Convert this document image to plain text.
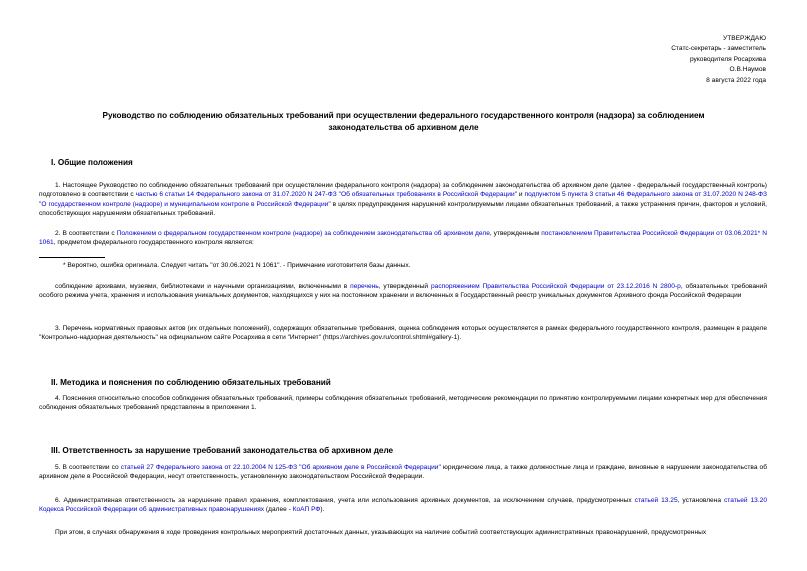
УТВЕРЖДАЮ
Статс-секретарь - заместитель
руководителя Росархива
О.В.Наумов
8 августа 2022 года
Руководство по соблюдению обязательных требований при осуществлении федерального государственного контроля (надзора) за соблюдением законодательства об архивном деле
I. Общие положения
1. Настоящее Руководство по соблюдению обязательных требований при осуществлении федерального контроля (надзора) за соблюдением законодательства об архивном деле (далее - федеральный государственный контроль) подготовлено в соответствии с частью 6 статьи 14 Федерального закона от 31.07.2020 N 247-ФЗ "Об обязательных требованиях в Российской Федерации" и подпунктом 5 пункта 3 статьи 46 Федерального закона от 31.07.2020 N 248-ФЗ "О государственном контроле (надзоре) и муниципальном контроле в Российской Федерации" в целях предупреждения нарушений контролируемыми лицами обязательных требований, а также устранения причин, факторов и условий, способствующих нарушениям обязательных требований.
2. В соответствии с Положением о федеральном государственном контроле (надзоре) за соблюдением законодательства об архивном деле, утвержденным постановлением Правительства Российской Федерации от 03.06.2021* N 1061, предметом федерального государственного контроля является:
* Вероятно, ошибка оригинала. Следует читать "от 30.06.2021 N 1061". - Примечание изготовителя базы данных.
соблюдение архивами, музеями, библиотеками и научными организациями, включенными в перечень, утвержденный распоряжением Правительства Российской Федерации от 23.12.2016 N 2800-р, обязательных требований особого режима учета, хранения и использования уникальных документов, находящихся у них на постоянном хранении и включенных в Государственный реестр уникальных документов Архивного фонда Российской Федерации
3. Перечень нормативных правовых актов (их отдельных положений), содержащих обязательные требования, оценка соблюдения которых осуществляется в рамках федерального государственного контроля, размещен в разделе "Контрольно-надзорная деятельность" на официальном сайте Росархива в сети "Интернет" (https://archives.gov.ru/control.shtml#gallery-1).
II. Методика и пояснения по соблюдению обязательных требований
4. Пояснения относительно способов соблюдения обязательных требований, примеры соблюдения обязательных требований, методические рекомендации по принятию контролируемыми лицами конкретных мер для обеспечения соблюдения обязательных требований представлены в приложении 1.
III. Ответственность за нарушение требований законодательства об архивном деле
5. В соответствии со статьей 27 Федерального закона от 22.10.2004 N 125-ФЗ "Об архивном деле в Российской Федерации" юридические лица, а также должностные лица и граждане, виновные в нарушении законодательства об архивном деле в Российской Федерации, несут ответственность, установленную законодательством Российской Федерации.
6. Административная ответственность за нарушение правил хранения, комплектования, учета или использования архивных документов, за исключением случаев, предусмотренных статьей 13.25, установлена статьей 13.20 Кодекса Российской Федерации об административных правонарушениях (далее - КоАП РФ).
При этом, в случаях обнаружения в ходе проведения контрольных мероприятий достаточных данных, указывающих на наличие событий соответствующих административных правонарушений, предусмотренных
